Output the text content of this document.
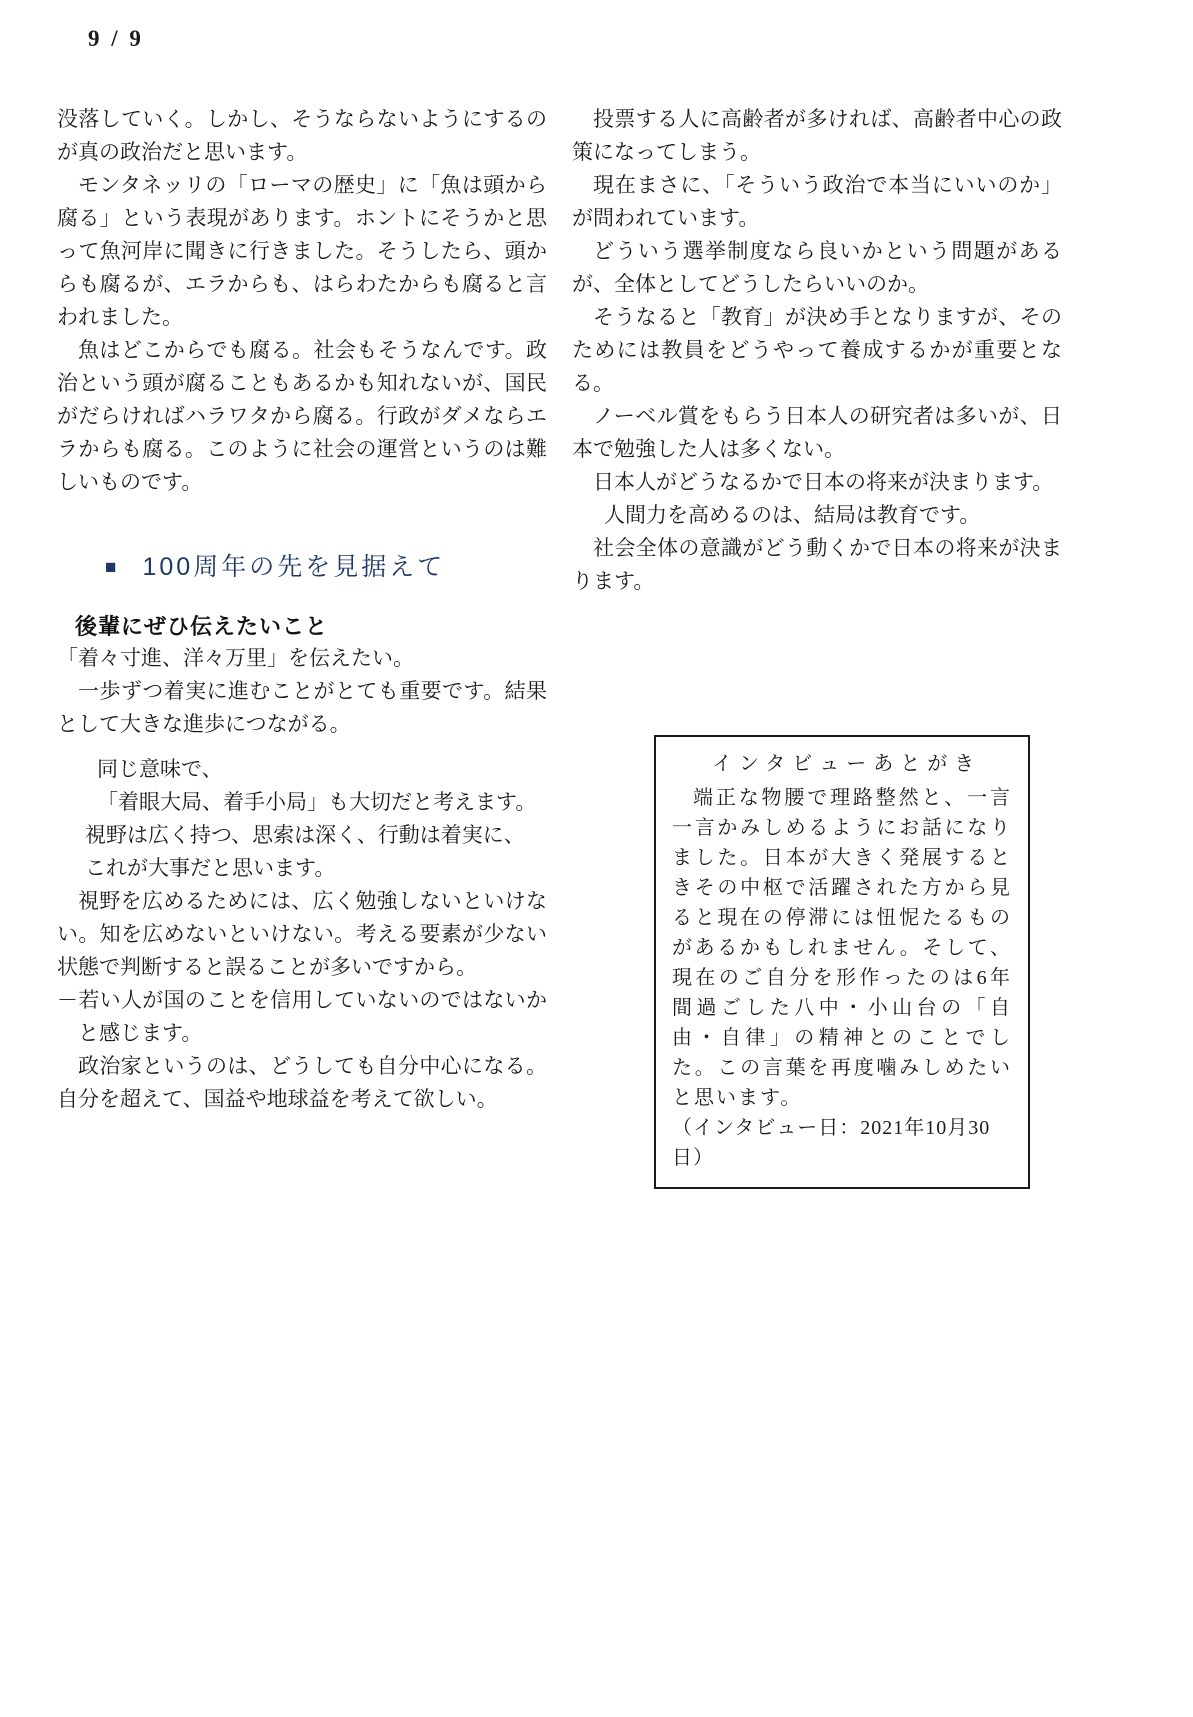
9 / 9

没落していく。しかし、そうならないようにするのが真の政治だと思います。

モンタネッリの「ローマの歴史」に「魚は頭から腐る」という表現があります。ホントにそうかと思って魚河岸に聞きに行きました。そうしたら、頭からも腐るが、エラからも、はらわたからも腐ると言われました。

魚はどこからでも腐る。社会もそうなんです。政治という頭が腐ることもあるかも知れないが、国民がだらければハラワタから腐る。行政がダメならエラからも腐る。このように社会の運営というのは難しいものです。

■ 100周年の先を見据えて
後輩にぜひ伝えたいこと

「着々寸進、洋々万里」を伝えたい。

一歩ずつ着実に進むことがとても重要です。結果として大きな進歩につながる。

同じ意味で、

「着眼大局、着手小局」も大切だと考えます。

視野は広く持つ、思索は深く、行動は着実に、

これが大事だと思います。

視野を広めるためには、広く勉強しないといけない。知を広めないといけない。考える要素が少ない状態で判断すると誤ることが多いですから。

－若い人が国のことを信用していないのではないかと感じます。

政治家というのは、どうしても自分中心になる。自分を超えて、国益や地球益を考えて欲しい。

投票する人に高齢者が多ければ、高齢者中心の政策になってしまう。

現在まさに、「そういう政治で本当にいいのか」が問われています。

どういう選挙制度なら良いかという問題があるが、全体としてどうしたらいいのか。

そうなると「教育」が決め手となりますが、そのためには教員をどうやって養成するかが重要となる。

ノーベル賞をもらう日本人の研究者は多いが、日本で勉強した人は多くない。

日本人がどうなるかで日本の将来が決まります。

人間力を高めるのは、結局は教育です。

社会全体の意識がどう動くかで日本の将来が決まります。

インタビューあとがき

端正な物腰で理路整然と、一言一言かみしめるようにお話になりました。日本が大きく発展するときその中枢で活躍された方から見ると現在の停滞には忸怩たるものがあるかもしれません。そして、現在のご自分を形作ったのは6年間過ごした八中・小山台の「自由・自律」の精神とのことでした。この言葉を再度噛みしめたいと思います。

（インタビュー日：2021年10月30日）
